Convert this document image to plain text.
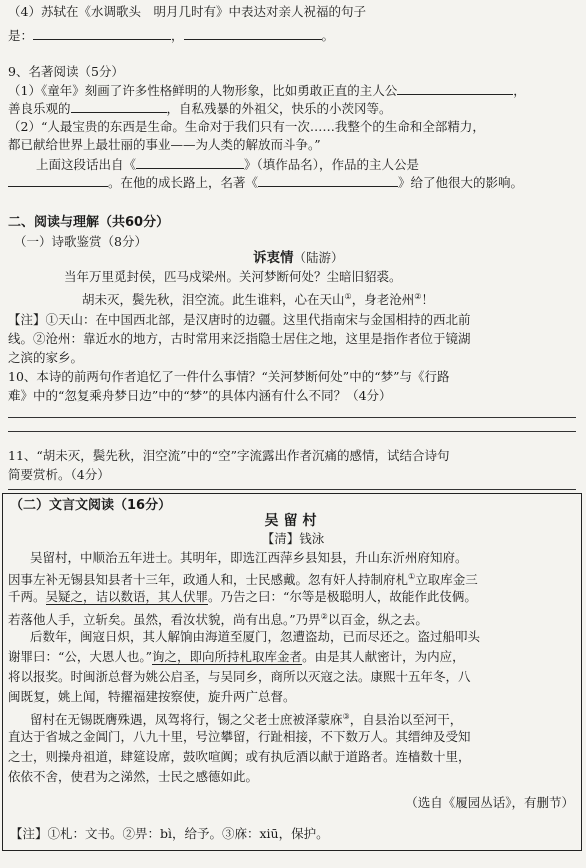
（4）苏轼在《水调歌头　明月几时有》中表达对亲人祝福的句子
是：	，	。
9、名著阅读（5分）
（1）《童年》刻画了许多性格鲜明的人物形象，比如勇敢正直的主人公	，
善良乐观的	，自私残暴的外祖父，快乐的小茨冈等。
（2）“人最宝贵的东西是生命。生命对于我们只有一次……我整个的生命和全部精力，
都已献给世界上最壮丽的事业——为人类的解放而斗争。”
上面这段话出自《	》（填作品名），作品的主人公是
。在他的成长路上，名著《	》给了他很大的影响。
二、阅读与理解（共60分）
（一）诗歌鉴赏（8分）
诉衷情（陆游）
当年万里觅封侯，匹马戍梁州。关河梦断何处？尘暗旧貂裘。
胡未灭，鬓先秋，泪空流。此生谁料，心在天山①，身老沧州②！
【注】①天山：在中国西北部，是汉唐时的边疆。这里代指南宋与金国相持的西北前
线。②沧州：靠近水的地方，古时常用来泛指隐士居住之地，这里是指作者位于镜湖
之滨的家乡。
10、本诗的前两句作者追忆了一件什么事情？“关河梦断何处”中的“梦”与《行路
难》中的“忽复乘舟梦日边”中的“梦”的具体内涵有什么不同？（4分）
11、“胡未灭，鬓先秋，泪空流”中的“空”字流露出作者沉痛的感情，试结合诗句
简要赏析。（4分）
（二）文言文阅读（16分）
吴留村
【清】钱泳
吴留村，中顺治五年进士。其明年，即选江西萍乡县知县，升山东沂州府知府。
因事左补无锡县知县者十三年，政通人和，士民感戴。忽有奸人持制府札①立取库金三
千两。吴疑之，诘以数语，其人伏罪。乃告之曰：“尔等是极聪明人，故能作此伎俩。
若落他人手，立斩矣。虽然，看汝状貌，尚有出息。”乃畀②以百金，纵之去。
后数年，闽寇日炽，其人解饷由海道至厦门，忽遭盗劫，已而尽还之。盗过船叩头
谢罪曰：“公，大恩人也。”询之，即向所持札取库金者。由是其人献密计，为内应，
将以报奖。时闽浙总督为姚公启圣，与吴同乡，商所以灭寇之法。康熙十五年冬，八
闽既复，姚上闻，特擢福建按察使，旋升两广总督。
留村在无锡既膺殊遇，凤驾将行，锡之父老士庶被泽蒙庥③，自县治以至河干，
直达于省城之金阊门，八九十里，号泣攀留，行趾相接，不下数万人。其缙绅及受知
之士，则操舟祖道，肆筵设席，鼓吹喧阗；或有执卮酒以献于道路者。连樯数十里，
依依不舍，使君为之涕然，士民之感德如此。
（选自《履园丛话》，有删节）
【注】①札：文书。②畀：bì，给予。③庥：xiū，保护。
